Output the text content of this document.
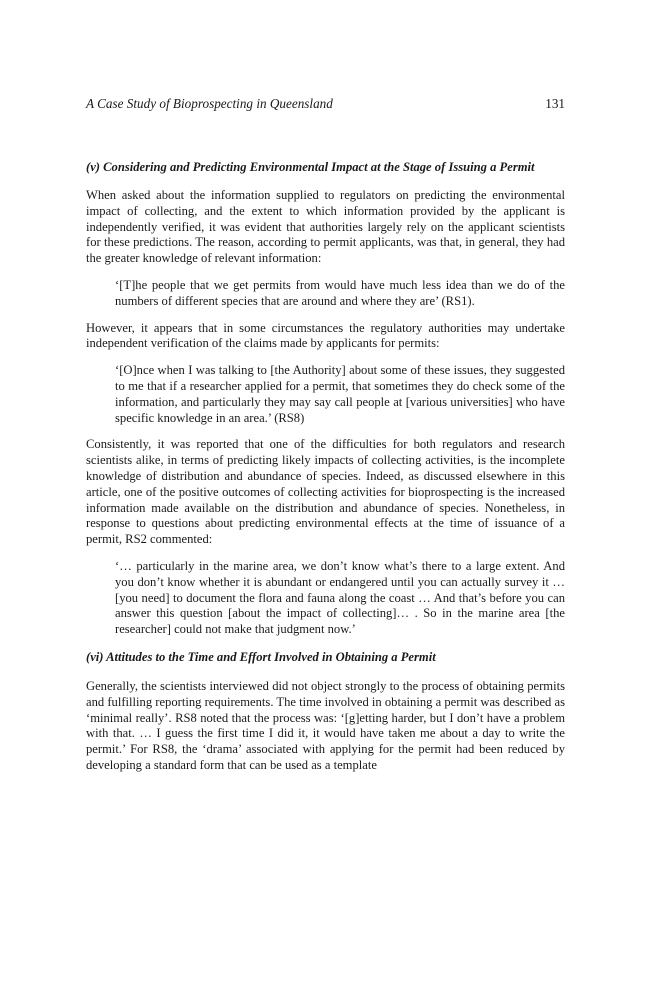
A Case Study of Bioprospecting in Queensland	131
(v) Considering and Predicting Environmental Impact at the Stage of Issuing a Permit

When asked about the information supplied to regulators on predicting the environmental impact of collecting, and the extent to which information provided by the applicant is independently verified, it was evident that authorities largely rely on the applicant scientists for these predictions. The reason, according to permit applicants, was that, in general, they had the greater knowledge of relevant information:

‘[T]he people that we get permits from would have much less idea than we do of the numbers of different species that are around and where they are’ (RS1).

However, it appears that in some circumstances the regulatory authorities may undertake independent verification of the claims made by applicants for permits:

‘[O]nce when I was talking to [the Authority] about some of these issues, they suggested to me that if a researcher applied for a permit, that sometimes they do check some of the information, and particularly they may say call people at [various universities] who have specific knowledge in an area.’ (RS8)

Consistently, it was reported that one of the difficulties for both regulators and research scientists alike, in terms of predicting likely impacts of collecting activities, is the incomplete knowledge of distribution and abundance of species. Indeed, as discussed elsewhere in this article, one of the positive outcomes of collecting activities for bioprospecting is the increased information made available on the distribution and abundance of species. Nonetheless, in response to questions about predicting environmental effects at the time of issuance of a permit, RS2 commented:

‘… particularly in the marine area, we don’t know what’s there to a large extent. And you don’t know whether it is abundant or endangered until you can actually survey it … [you need] to document the flora and fauna along the coast … And that’s before you can answer this question [about the impact of collecting]… . So in the marine area [the researcher] could not make that judgment now.’

(vi) Attitudes to the Time and Effort Involved in Obtaining a Permit

Generally, the scientists interviewed did not object strongly to the process of obtaining permits and fulfilling reporting requirements. The time involved in obtaining a permit was described as ‘minimal really’. RS8 noted that the process was: ‘[g]etting harder, but I don’t have a problem with that. … I guess the first time I did it, it would have taken me about a day to write the permit.’ For RS8, the ‘drama’ associated with applying for the permit had been reduced by developing a standard form that can be used as a template
